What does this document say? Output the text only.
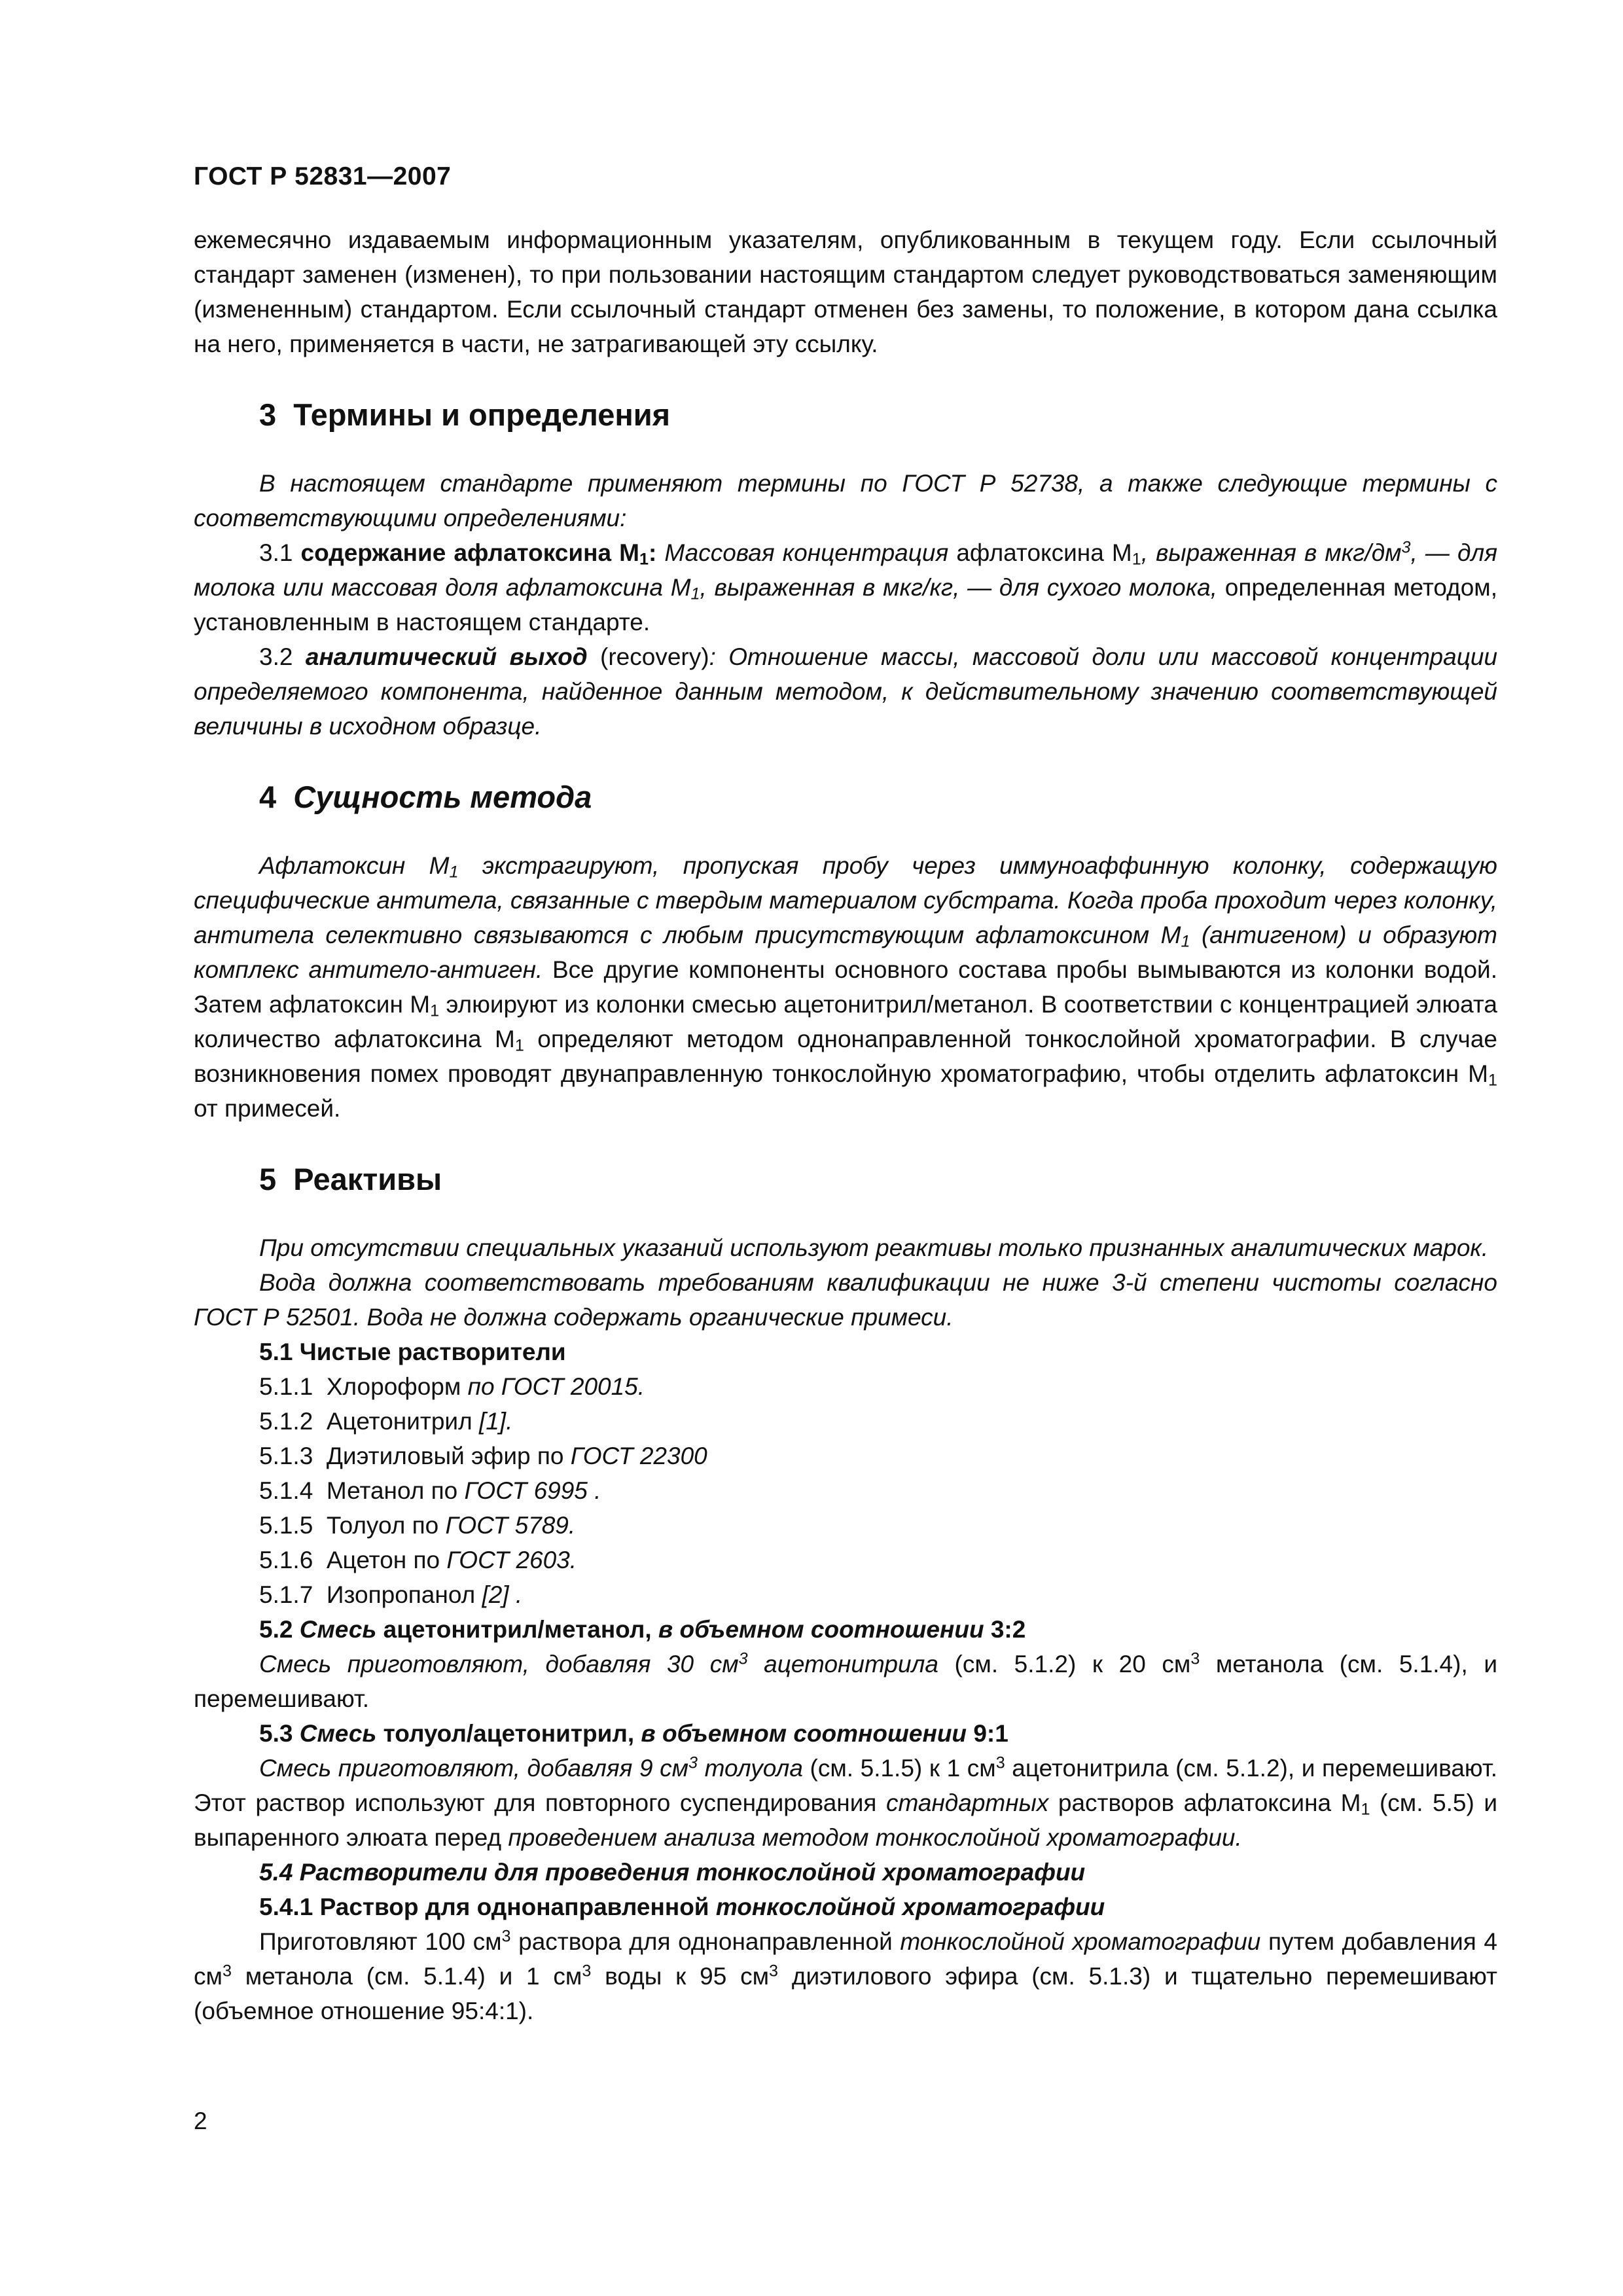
ГОСТ Р 52831—2007

ежемесячно издаваемым информационным указателям, опубликованным в текущем году. Если ссылочный стандарт заменен (изменен), то при пользовании настоящим стандартом следует руководствоваться заменяющим (измененным) стандартом. Если ссылочный стандарт отменен без замены, то положение, в котором дана ссылка на него, применяется в части, не затрагивающей эту ссылку.

3 Термины и определения

В настоящем стандарте применяют термины по ГОСТ Р 52738, а также следующие термины с соответствующими определениями:

3.1 содержание афлатоксина $M_1$: Массовая концентрация афлатоксина $M_1$, выраженная в мкг/$дм^3$, — для молока или массовая доля афлатоксина $M_1$, выраженная в мкг/кг, — для сухого молока, определенная методом, установленным в настоящем стандарте.

3.2 аналитический выход (recovery): Отношение массы, массовой доли или массовой концентрации определяемого компонента, найденное данным методом, к действительному значению соответствующей величины в исходном образце.

4 Сущность метода

Афлатоксин $M_1$ экстрагируют, пропуская пробу через иммуноаффинную колонку, содержащую специфические антитела, связанные с твердым материалом субстрата. Когда проба проходит через колонку, антитела селективно связываются с любым присутствующим афлатоксином $M_1$ (антигеном) и образуют комплекс антитело-антиген. Все другие компоненты основного состава пробы вымываются из колонки водой. Затем афлатоксин $M_1$ элюируют из колонки смесью ацетонитрил/метанол. В соответствии с концентрацией элюата количество афлатоксина $M_1$ определяют методом однонаправленной тонкослойной хроматографии. В случае возникновения помех проводят двунаправленную тонкослойную хроматографию, чтобы отделить афлатоксин $M_1$ от примесей.

5 Реактивы

При отсутствии специальных указаний используют реактивы только признанных аналитических марок.

Вода должна соответствовать требованиям квалификации не ниже 3-й степени чистоты согласно ГОСТ Р 52501. Вода не должна содержать органические примеси.

5.1 Чистые растворители

5.1.1 Хлороформ по ГОСТ 20015.

5.1.2 Ацетонитрил [1].

5.1.3 Диэтиловый эфир по ГОСТ 22300

5.1.4 Метанол по ГОСТ 6995 .

5.1.5 Толуол по ГОСТ 5789.

5.1.6 Ацетон по ГОСТ 2603.

5.1.7 Изопропанол [2] .

5.2 Смесь ацетонитрил/метанол, в объемном соотношении 3:2

Смесь приготовляют, добавляя 30 $см^3$ ацетонитрила (см. 5.1.2) к 20 $см^3$ метанола (см. 5.1.4), и перемешивают.

5.3 Смесь толуол/ацетонитрил, в объемном соотношении 9:1

Смесь приготовляют, добавляя 9 $см^3$ толуола (см. 5.1.5) к 1 $см^3$ ацетонитрила (см. 5.1.2), и перемешивают. Этот раствор используют для повторного суспендирования стандартных растворов афлатоксина $M_1$ (см. 5.5) и выпаренного элюата перед проведением анализа методом тонкослойной хроматографии.

5.4 Растворители для проведения тонкослойной хроматографии

5.4.1 Раствор для однонаправленной тонкослойной хроматографии

Приготовляют 100 $см^3$ раствора для однонаправленной тонкослойной хроматографии путем добавления 4 $см^3$ метанола (см. 5.1.4) и 1 $см^3$ воды к 95 $см^3$ диэтилового эфира (см. 5.1.3) и тщательно перемешивают (объемное отношение 95:4:1).

2
